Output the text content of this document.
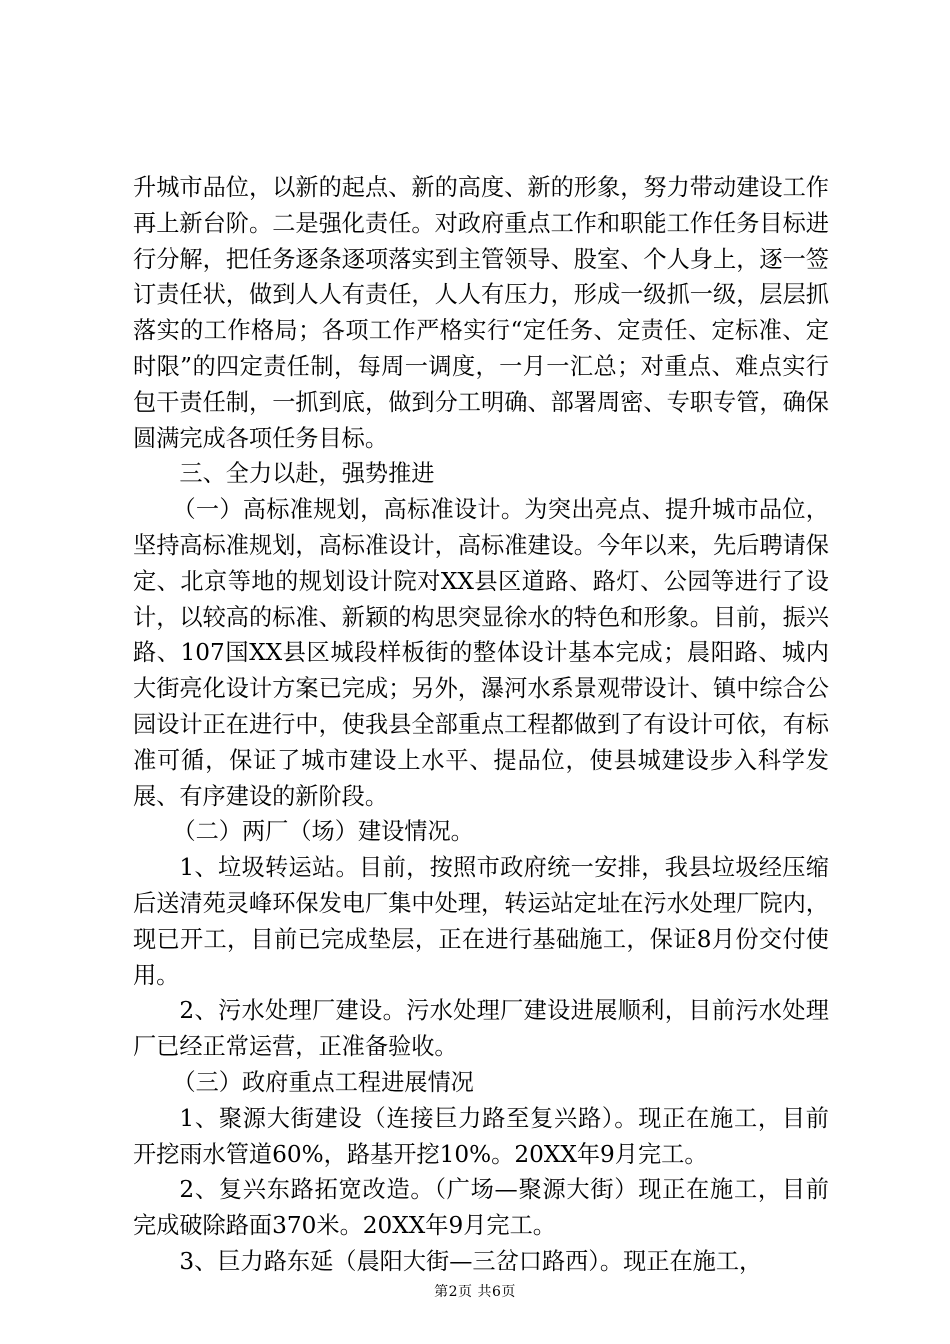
升城市品位，以新的起点、新的高度、新的形象，努力带动建设工作再上新台阶。二是强化责任。对政府重点工作和职能工作任务目标进行分解，把任务逐条逐项落实到主管领导、股室、个人身上，逐一签订责任状，做到人人有责任，人人有压力，形成一级抓一级，层层抓落实的工作格局；各项工作严格实行“定任务、定责任、定标准、定时限”的四定责任制，每周一调度，一月一汇总；对重点、难点实行包干责任制，一抓到底，做到分工明确、部署周密、专职专管，确保圆满完成各项任务目标。

三、全力以赴，强势推进

（一）高标准规划，高标准设计。为突出亮点、提升城市品位，坚持高标准规划，高标准设计，高标准建设。今年以来，先后聘请保定、北京等地的规划设计院对XX县区道路、路灯、公园等进行了设计，以较高的标准、新颖的构思突显徐水的特色和形象。目前，振兴路、107国XX县区城段样板街的整体设计基本完成；晨阳路、城内大街亮化设计方案已完成；另外，瀑河水系景观带设计、镇中综合公园设计正在进行中，使我县全部重点工程都做到了有设计可依，有标准可循，保证了城市建设上水平、提品位，使县城建设步入科学发展、有序建设的新阶段。

（二）两厂（场）建设情况。

1、垃圾转运站。目前，按照市政府统一安排，我县垃圾经压缩后送清苑灵峰环保发电厂集中处理，转运站定址在污水处理厂院内，现已开工，目前已完成垫层，正在进行基础施工，保证8月份交付使用。

2、污水处理厂建设。污水处理厂建设进展顺利，目前污水处理厂已经正常运营，正准备验收。

（三）政府重点工程进展情况

1、聚源大街建设（连接巨力路至复兴路）。现正在施工，目前开挖雨水管道60%，路基开挖10%。20XX年9月完工。

2、复兴东路拓宽改造。（广场—聚源大街）现正在施工，目前完成破除路面370米。20XX年9月完工。

3、巨力路东延（晨阳大街—三岔口路西）。现正在施工，

第2页 共6页
